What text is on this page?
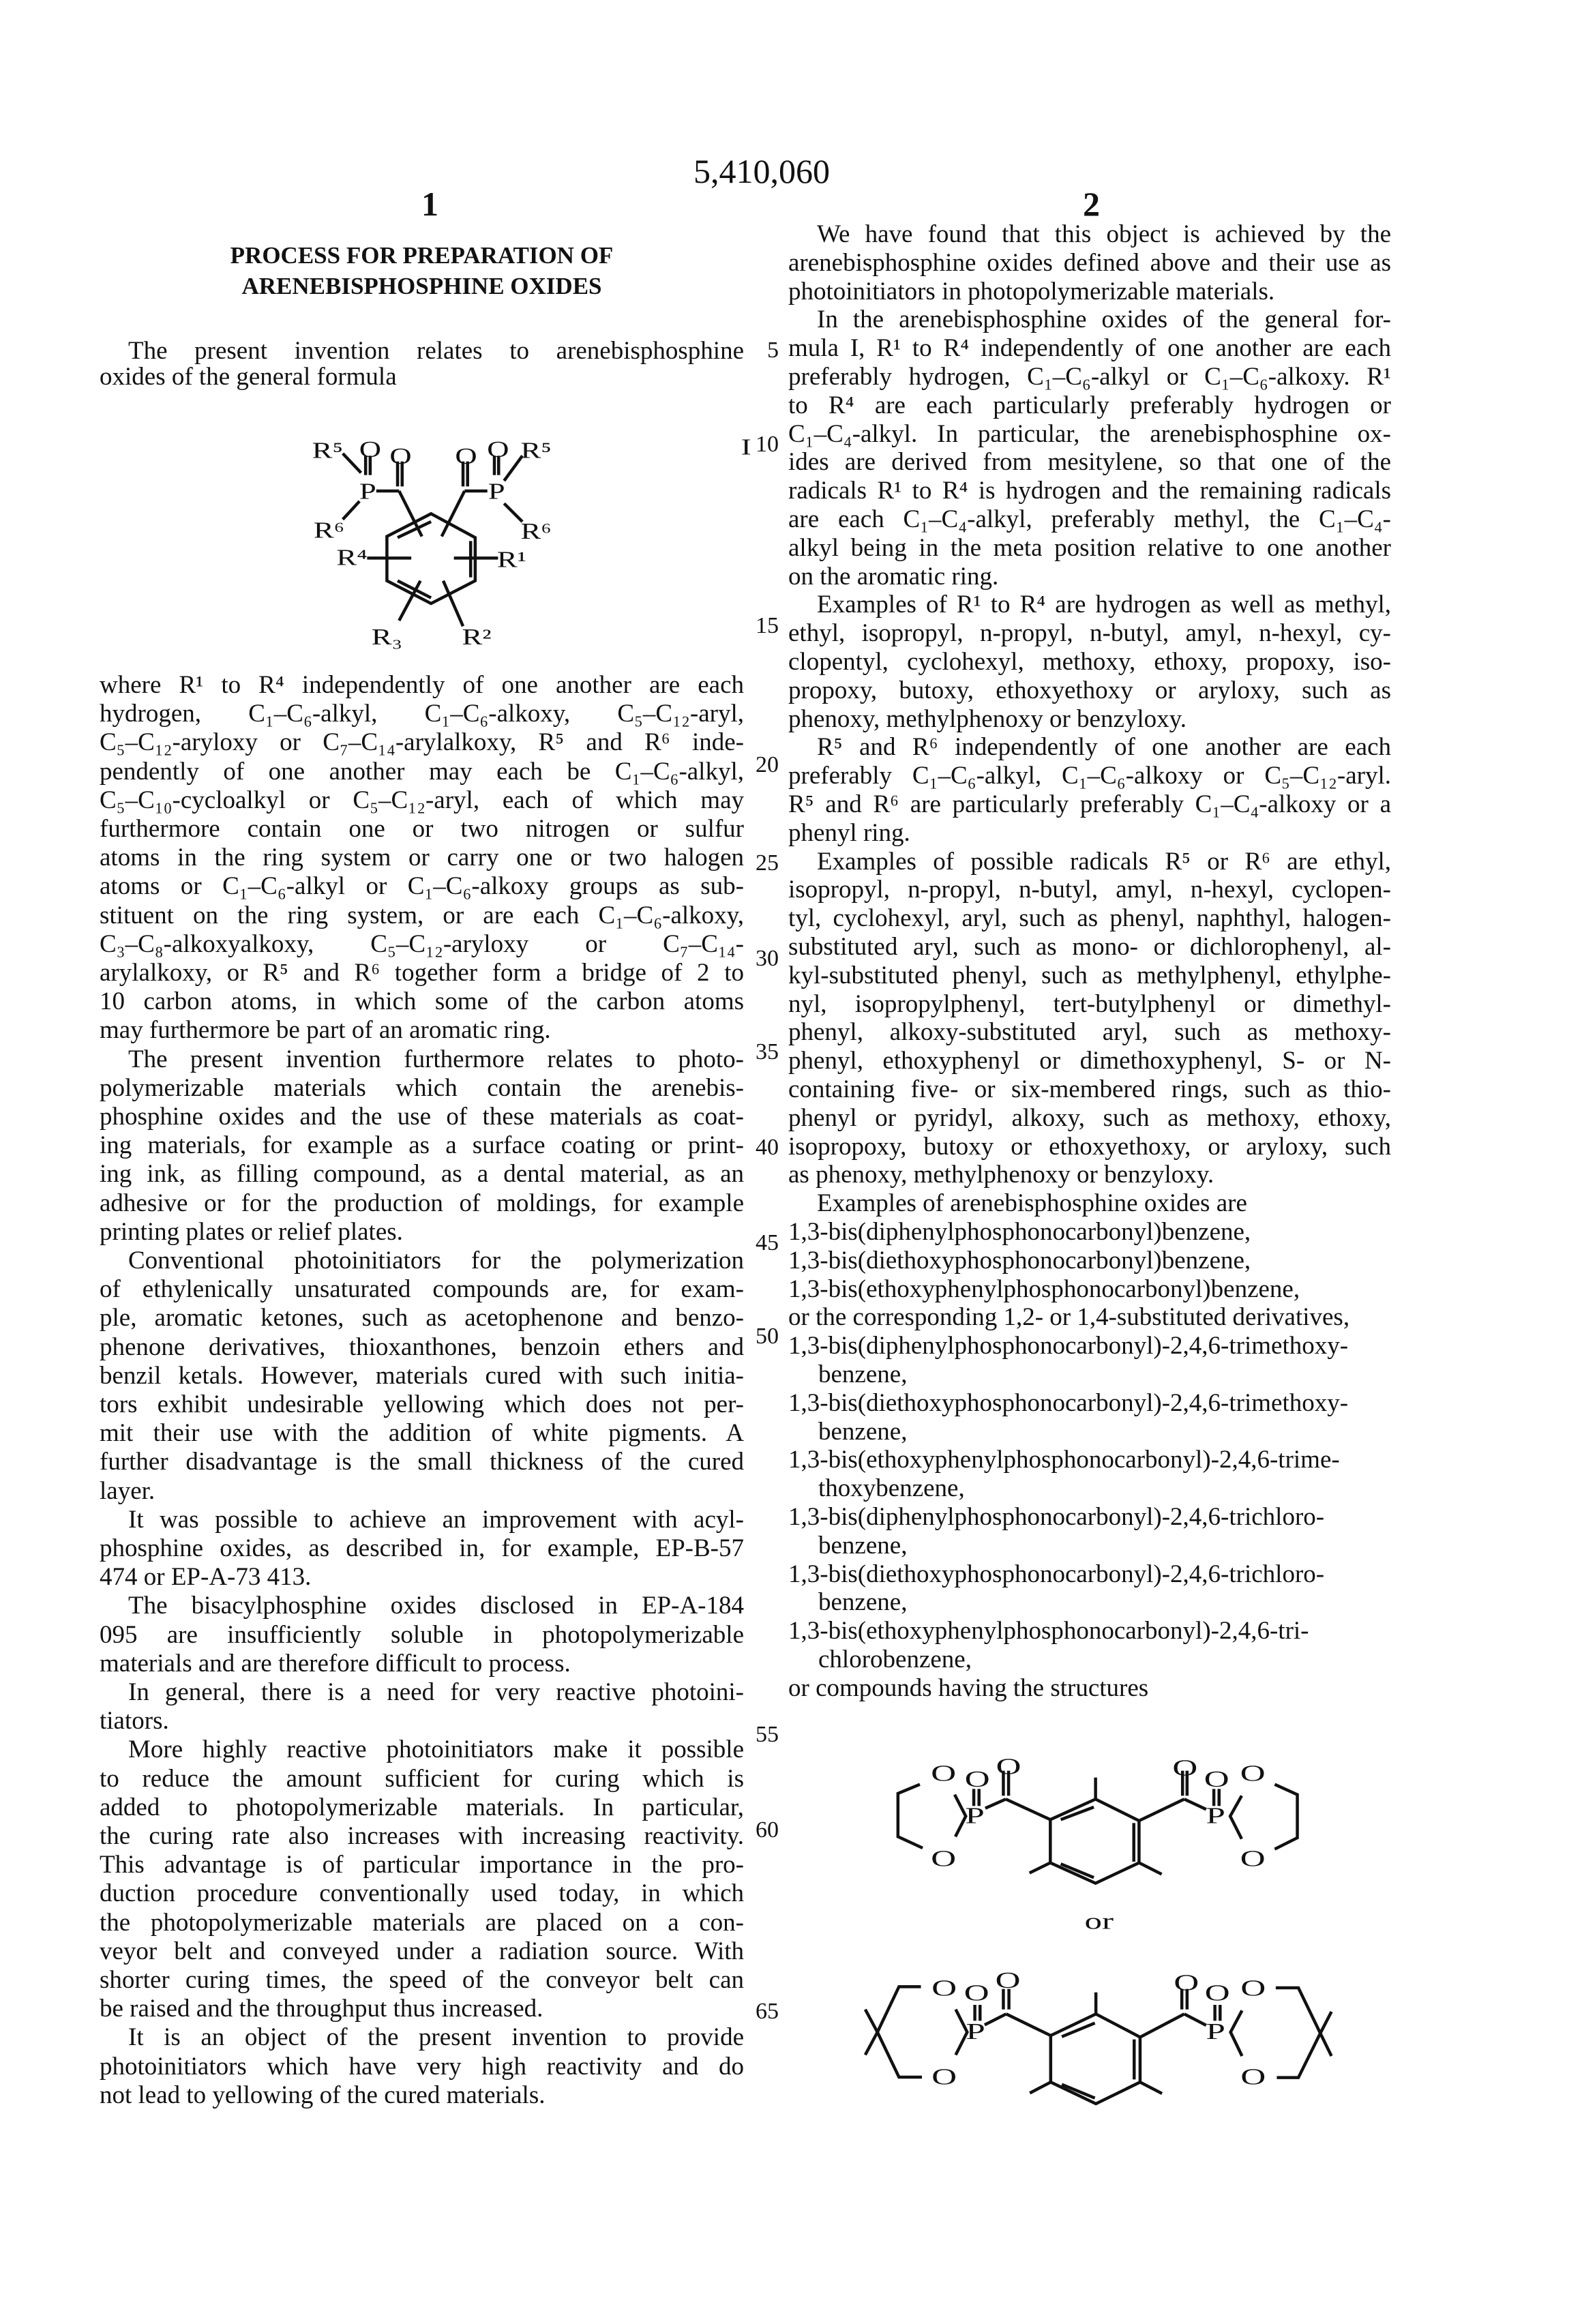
5,410,060
1	2
PROCESS FOR PREPARATION OF
ARENEBISPHOSPHINE OXIDES
The present invention relates to arenebisphosphine
oxides of the general formula
R⁵ O O O O R⁵
P P
R⁶	R⁶
R⁴ R¹
R₃ R²
I
where R¹ to R⁴ independently of one another are each
hydrogen, C₁–C₆-alkyl, C₁–C₆-alkoxy, C₅–C₁₂-aryl,
C₅–C₁₂-aryloxy or C₇–C₁₄-arylalkoxy, R⁵ and R⁶ inde-
pendently of one another may each be C₁–C₆-alkyl,
C₅–C₁₀-cycloalkyl or C₅–C₁₂-aryl, each of which may
furthermore contain one or two nitrogen or sulfur
atoms in the ring system or carry one or two halogen
atoms or C₁–C₆-alkyl or C₁–C₆-alkoxy groups as sub-
stituent on the ring system, or are each C₁–C₆-alkoxy,
C₃–C₈-alkoxyalkoxy, C₅–C₁₂-aryloxy or C₇–C₁₄-
arylalkoxy, or R⁵ and R⁶ together form a bridge of 2 to
10 carbon atoms, in which some of the carbon atoms
may furthermore be part of an aromatic ring.
The present invention furthermore relates to photo-
polymerizable materials which contain the arenebis-
phosphine oxides and the use of these materials as coat-
ing materials, for example as a surface coating or print-
ing ink, as filling compound, as a dental material, as an
adhesive or for the production of moldings, for example
printing plates or relief plates.
Conventional photoinitiators for the polymerization
of ethylenically unsaturated compounds are, for exam-
ple, aromatic ketones, such as acetophenone and benzo-
phenone derivatives, thioxanthones, benzoin ethers and
benzil ketals. However, materials cured with such initia-
tors exhibit undesirable yellowing which does not per-
mit their use with the addition of white pigments. A
further disadvantage is the small thickness of the cured
layer.
It was possible to achieve an improvement with acyl-
phosphine oxides, as described in, for example, EP-B-57
474 or EP-A-73 413.
The bisacylphosphine oxides disclosed in EP-A-184
095 are insufficiently soluble in photopolymerizable
materials and are therefore difficult to process.
In general, there is a need for very reactive photoini-
tiators.
More highly reactive photoinitiators make it possible
to reduce the amount sufficient for curing which is
added to photopolymerizable materials. In particular,
the curing rate also increases with increasing reactivity.
This advantage is of particular importance in the pro-
duction procedure conventionally used today, in which
the photopolymerizable materials are placed on a con-
veyor belt and conveyed under a radiation source. With
shorter curing times, the speed of the conveyor belt can
be raised and the throughput thus increased.
It is an object of the present invention to provide
photoinitiators which have very high reactivity and do
not lead to yellowing of the cured materials.
We have found that this object is achieved by the
arenebisphosphine oxides defined above and their use as
photoinitiators in photopolymerizable materials.
In the arenebisphosphine oxides of the general for-
mula I, R¹ to R⁴ independently of one another are each
preferably hydrogen, C₁–C₆-alkyl or C₁–C₆-alkoxy. R¹
to R⁴ are each particularly preferably hydrogen or
C₁–C₄-alkyl. In particular, the arenebisphosphine ox-
ides are derived from mesitylene, so that one of the
radicals R¹ to R⁴ is hydrogen and the remaining radicals
are each C₁–C₄-alkyl, preferably methyl, the C₁–C₄-
alkyl being in the meta position relative to one another
on the aromatic ring.
Examples of R¹ to R⁴ are hydrogen as well as methyl,
ethyl, isopropyl, n-propyl, n-butyl, amyl, n-hexyl, cy-
clopentyl, cyclohexyl, methoxy, ethoxy, propoxy, iso-
propoxy, butoxy, ethoxyethoxy or aryloxy, such as
phenoxy, methylphenoxy or benzyloxy.
R⁵ and R⁶ independently of one another are each
preferably C₁–C₆-alkyl, C₁–C₆-alkoxy or C₅–C₁₂-aryl.
R⁵ and R⁶ are particularly preferably C₁–C₄-alkoxy or a
phenyl ring.
Examples of possible radicals R⁵ or R⁶ are ethyl,
isopropyl, n-propyl, n-butyl, amyl, n-hexyl, cyclopen-
tyl, cyclohexyl, aryl, such as phenyl, naphthyl, halogen-
substituted aryl, such as mono- or dichlorophenyl, al-
kyl-substituted phenyl, such as methylphenyl, ethylphe-
nyl, isopropylphenyl, tert-butylphenyl or dimethyl-
phenyl, alkoxy-substituted aryl, such as methoxy-
phenyl, ethoxyphenyl or dimethoxyphenyl, S- or N-
containing five- or six-membered rings, such as thio-
phenyl or pyridyl, alkoxy, such as methoxy, ethoxy,
isopropoxy, butoxy or ethoxyethoxy, or aryloxy, such
as phenoxy, methylphenoxy or benzyloxy.
Examples of arenebisphosphine oxides are
1,3-bis(diphenylphosphonocarbonyl)benzene,
1,3-bis(diethoxyphosphonocarbonyl)benzene,
1,3-bis(ethoxyphenylphosphonocarbonyl)benzene,
or the corresponding 1,2- or 1,4-substituted derivatives,
1,3-bis(diphenylphosphonocarbonyl)-2,4,6-trimethoxy-
benzene,
1,3-bis(diethoxyphosphonocarbonyl)-2,4,6-trimethoxy-
benzene,
1,3-bis(ethoxyphenylphosphonocarbonyl)-2,4,6-trime-
thoxybenzene,
1,3-bis(diphenylphosphonocarbonyl)-2,4,6-trichloro-
benzene,
1,3-bis(diethoxyphosphonocarbonyl)-2,4,6-trichloro-
benzene,
1,3-bis(ethoxyphenylphosphonocarbonyl)-2,4,6-tri-
chlorobenzene,
or compounds having the structures
5
10
15
20
25
30
35
40
45
50
55
60
65
O O
O O O O
O	O
P	P
or
O O
O O O O
O	O
P	P
